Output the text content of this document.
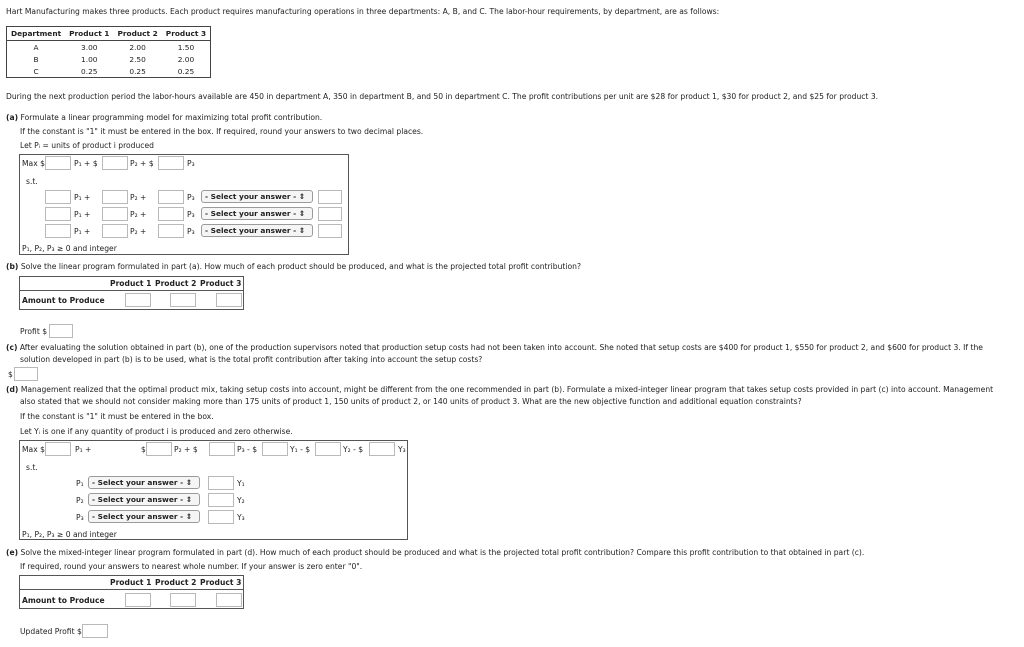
Hart Manufacturing makes three products. Each product requires manufacturing operations in three departments: A, B, and C. The labor-hour requirements, by department, are as follows:
Department	Product 1	Product 2	Product 3
A	3.00	2.00	1.50
B	1.00	2.50	2.00
C	0.25	0.25	0.25
During the next production period the labor-hours available are 450 in department A, 350 in department B, and 50 in department C. The profit contributions per unit are $28 for product 1, $30 for product 2, and $25 for product 3.
(a) Formulate a linear programming model for maximizing total profit contribution.
If the constant is "1" it must be entered in the box. If required, round your answers to two decimal places.
Let Pᵢ = units of product i produced
Max $	P₁ + $	P₂ + $	P₃
s.t.
P₁ +	P₂ +	P₃	- Select your answer - ⇕
P₁ +	P₂ +	P₃	- Select your answer - ⇕
P₁ +	P₂ +	P₃	- Select your answer - ⇕
P₁, P₂, P₃ ≥ 0 and integer
(b) Solve the linear program formulated in part (a). How much of each product should be produced, and what is the projected total profit contribution?
Product 1 Product 2 Product 3
Amount to Produce
Profit $
(c) After evaluating the solution obtained in part (b), one of the production supervisors noted that production setup costs had not been taken into account. She noted that setup costs are $400 for product 1, $550 for product 2, and $600 for product 3. If the
solution developed in part (b) is to be used, what is the total profit contribution after taking into account the setup costs?
$
(d) Management realized that the optimal product mix, taking setup costs into account, might be different from the one recommended in part (b). Formulate a mixed-integer linear program that takes setup costs provided in part (c) into account. Management
also stated that we should not consider making more than 175 units of product 1, 150 units of product 2, or 140 units of product 3. What are the new objective function and additional equation constraints?
If the constant is "1" it must be entered in the box.
Let Yᵢ is one if any quantity of product i is produced and zero otherwise.
Max $	P₁ +	$	P₂ + $	P₃ - $	Y₁ - $	Y₂ - $	Y₃
s.t.
P₁	- Select your answer - ⇕	Y₁
P₂	- Select your answer - ⇕	Y₂
P₃	- Select your answer - ⇕	Y₃
P₁, P₂, P₃ ≥ 0 and integer
(e) Solve the mixed-integer linear program formulated in part (d). How much of each product should be produced and what is the projected total profit contribution? Compare this profit contribution to that obtained in part (c).
If required, round your answers to nearest whole number. If your answer is zero enter "0".
Product 1 Product 2 Product 3
Amount to Produce
Updated Profit $
